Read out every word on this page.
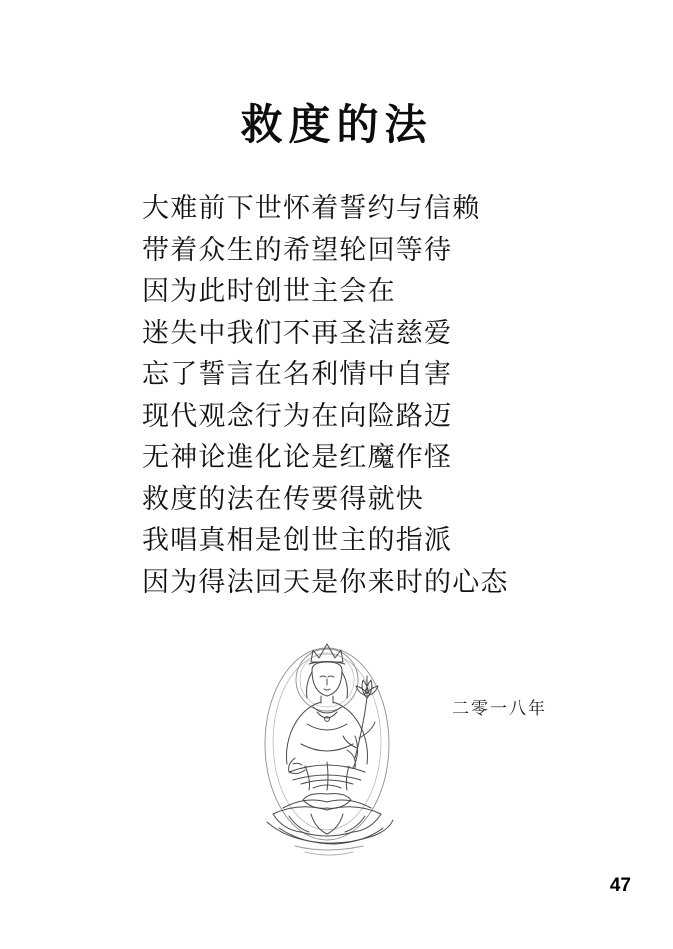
救度的法
大难前下世怀着誓约与信赖
带着众生的希望轮回等待
因为此时创世主会在
迷失中我们不再圣洁慈爱
忘了誓言在名利情中自害
现代观念行为在向险路迈
无神论進化论是红魔作怪
救度的法在传要得就快
我唱真相是创世主的指派
因为得法回天是你来时的心态
二零一八年
47
